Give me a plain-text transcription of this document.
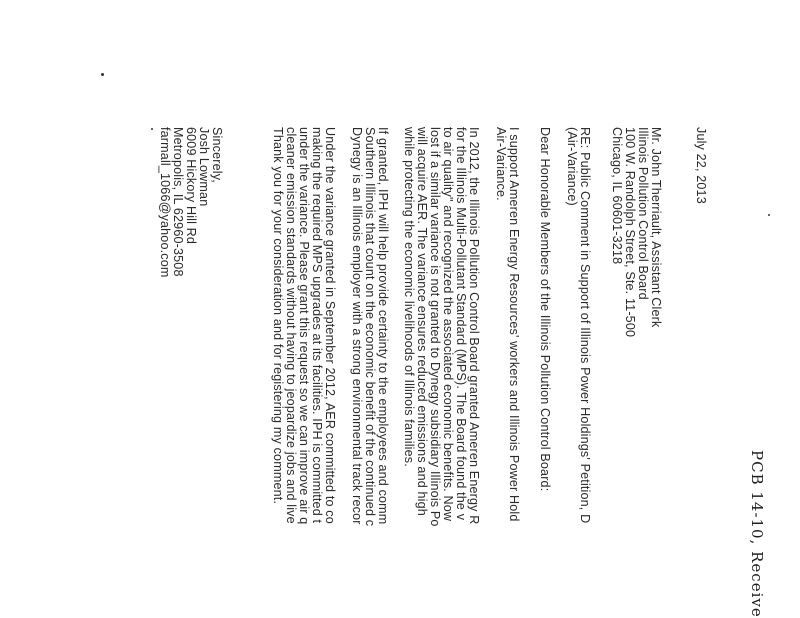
PCB 14-10, Receive
July 22, 2013
Mr. John Therriault, Assistant Clerk
Illinois Pollution Control Board
100 W. Randolph Street, Ste. 11-500
Chicago, IL 60601-3218
RE: Public Comment in Support of Illinois Power Holdings' Petition, D
(Air-Variance)
Dear Honorable Members of the Illinois Pollution Control Board:
I support Ameren Energy Resources' workers and Illinois Power Hold
Air-Variance.
In 2012, the Illinois Pollution Control Board granted Ameren Energy R
for the Illinois Multi-Pollutant Standard (MPS). The Board found the v
to air quality" and recognized the associated economic benefits. Now
lost if a similar variance is not granted to Dynegy subsidiary Illinois Po
will acquire AER. The variance ensures reduced emissions and high
while protecting the economic livelihoods of Illinois families.
If granted, IPH will help provide certainty to the employees and comm
Southern Illinois that count on the economic benefit of the continued c
Dynegy is an Illinois employer with a strong environmental track recor
Under the variance granted in September 2012, AER committed to co
making the required MPS upgrades at its facilities. IPH is committed t
under the variance. Please grant this request so we can improve air q
cleaner emission standards without having to jeopardize jobs and live
Thank you for your consideration and for registering my comment.
Sincerely,
Josh Lowman
6009 Hickory Hill Rd
Metropolis, IL 62960-3508
farmall_1066@yahoo.com
